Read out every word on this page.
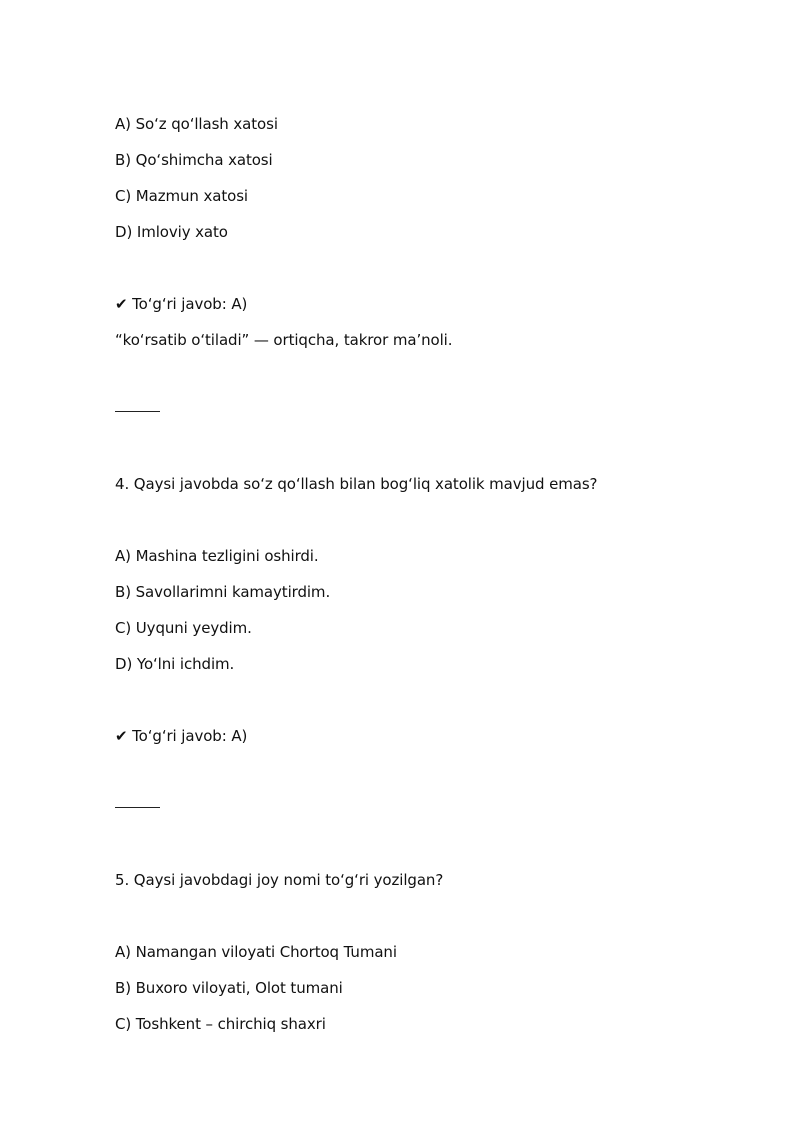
A) So‘z qo‘llash xatosi
B) Qo‘shimcha xatosi
C) Mazmun xatosi
D) Imloviy xato
✔ To‘g‘ri javob: A)
“ko‘rsatib o‘tiladi” — ortiqcha, takror ma’noli.
4. Qaysi javobda so‘z qo‘llash bilan bog‘liq xatolik mavjud emas?
A) Mashina tezligini oshirdi.
B) Savollarimni kamaytirdim.
C) Uyquni yeydim.
D) Yo‘lni ichdim.
✔ To‘g‘ri javob: A)
5. Qaysi javobdagi joy nomi to‘g‘ri yozilgan?
A) Namangan viloyati Chortoq Tumani
B) Buxoro viloyati, Olot tumani
C) Toshkent – chirchiq shaxri
